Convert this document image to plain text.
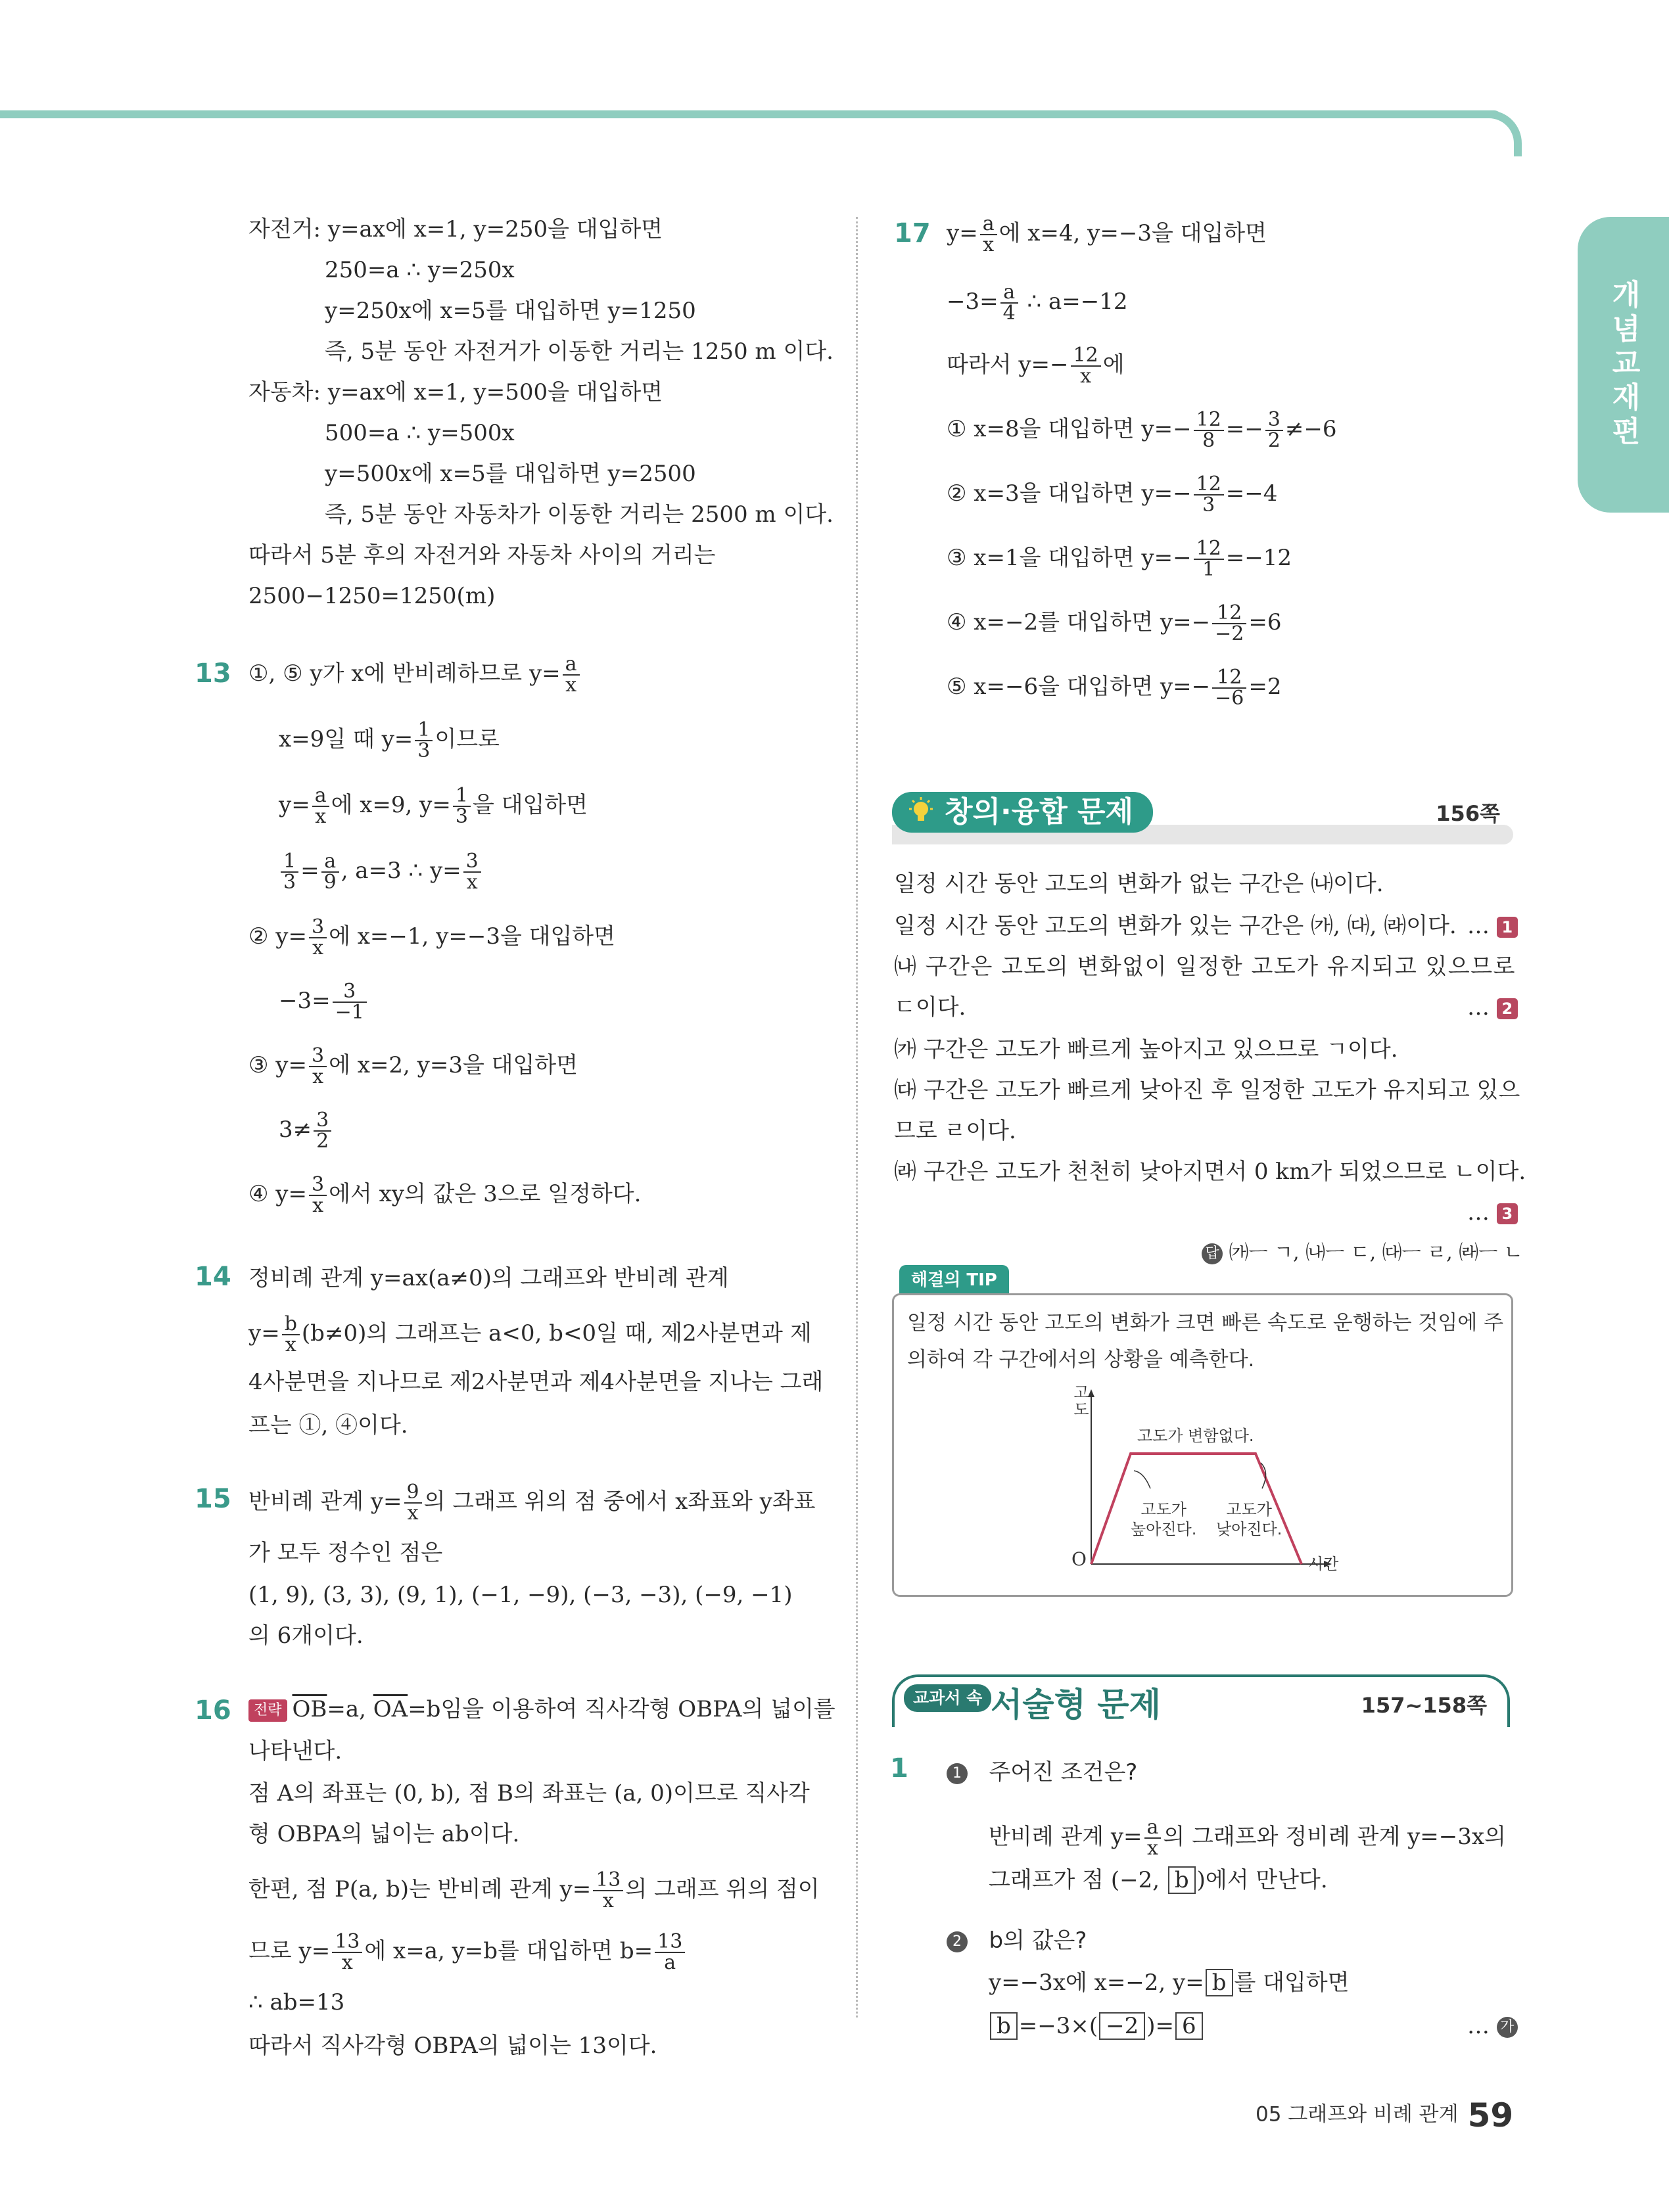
개념교재편
자전거: y=ax에 x=1, y=250을 대입하면
250=a ∴ y=250x
y=250x에 x=5를 대입하면 y=1250
즉, 5분 동안 자전거가 이동한 거리는 1250 m 이다.
자동차: y=ax에 x=1, y=500을 대입하면
500=a ∴ y=500x
y=500x에 x=5를 대입하면 y=2500
즉, 5분 동안 자동차가 이동한 거리는 2500 m 이다.
따라서 5분 후의 자전거와 자동차 사이의 거리는
2500−1250=1250(m)
13 ①, ⑤ y가 x에 반비례하므로 $y= \frac{a}{x}$
x=9일 때 $y= \frac{1}{3}$ 이므로
$y= \frac{a}{x}$ 에 x=9, $y= \frac{1}{3}$ 을 대입하면
$\frac{1}{3} = \frac{a}{9}$ , a=3 ∴ $y= \frac{3}{x}$
② $y= \frac{3}{x}$ 에 x=−1, y=−3을 대입하면
$-3= \frac{3}{-1}$
③ $y= \frac{3}{x}$ 에 x=2, y=3을 대입하면
$3\ne \frac{3}{2}$
④ $y= \frac{3}{x}$ 에서 xy의 값은 3으로 일정하다.
14 정비례 관계 y=ax(a≠0)의 그래프와 반비례 관계
$y= \frac{b}{x} (b\ne 0)$의 그래프는 a<0, b<0일 때, 제2사분면과 제
4사분면을 지나므로 제2사분면과 제4사분면을 지나는 그래
프는 ①, ④이다.
15 반비례 관계 $y= \frac{9}{x}$ 의 그래프 위의 점 중에서 x좌표와 y좌표
가 모두 정수인 점은
(1, 9), (3, 3), (9, 1), (−1, −9), (−3, −3), (−9, −1)
의 6개이다.
16	전략 $\overline{OB}=a$, $\overline{OA}=b$임을 이용하여 직사각형 OBPA의 넓이를
나타낸다.
점 A의 좌표는 (0, b), 점 B의 좌표는 (a, 0)이므로 직사각
형 OBPA의 넓이는 ab이다.
한편, 점 P(a, b)는 반비례 관계 $y= \frac{13}{x}$ 의 그래프 위의 점이
므로 $y= \frac{13}{x}$ 에 x=a, y=b를 대입하면 $b= \frac{13}{a}$
∴ ab=13
따라서 직사각형 OBPA의 넓이는 13이다.
17 $y= \frac{a}{x}$ 에 x=4, y=−3을 대입하면
$-3= \frac{a}{4}$ ∴ a=−12
따라서 $y=- \frac{12}{x}$ 에
① x=8을 대입하면 $y=- \frac{12}{8} =- \frac{3}{2} \ne-6$
② x=3을 대입하면 $y=- \frac{12}{3} =-4$
③ x=1을 대입하면 $y=- \frac{12}{1} =-12$
④ x=−2를 대입하면 $y=- \frac{12}{-2} =6$
⑤ x=−6을 대입하면 $y=- \frac{12}{-6} =2$
창의·융합 문제	156쪽
일정 시간 동안 고도의 변화가 없는 구간은 ㈏이다.
일정 시간 동안 고도의 변화가 있는 구간은 ㈎, ㈐, ㈑이다. … 1
㈏ 구간은 고도의 변화없이 일정한 고도가 유지되고 있으므로
ㄷ이다.	… 2
㈎ 구간은 고도가 빠르게 높아지고 있으므로 ㄱ이다.
㈐ 구간은 고도가 빠르게 낮아진 후 일정한 고도가 유지되고 있으
므로 ㄹ이다.
㈑ 구간은 고도가 천천히 낮아지면서 0 km가 되었으므로 ㄴ이다.
… 3
답 ㈎ㅡ ㄱ, ㈏ㅡ ㄷ, ㈐ㅡ ㄹ, ㈑ㅡ ㄴ
해결의 TIP
일정 시간 동안 고도의 변화가 크면 빠른 속도로 운행하는 것임에 주
의하여 각 구간에서의 상황을 예측한다.
고도
시간
O
고도가 변함없다.
고도가
높아진다.
고도가
낮아진다.
교과서 속 서술형 문제	157~158쪽
1	1 주어진 조건은?
반비례 관계 $y= \frac{a}{x}$ 의 그래프와 정비례 관계 y=−3x의
그래프가 점 (−2, b )에서 만난다.
2 b의 값은?
y=−3x에 x=−2, y= b 를 대입하면
b =−3×( −2 )= 6	… 가
05 그래프와 비례 관계 59
